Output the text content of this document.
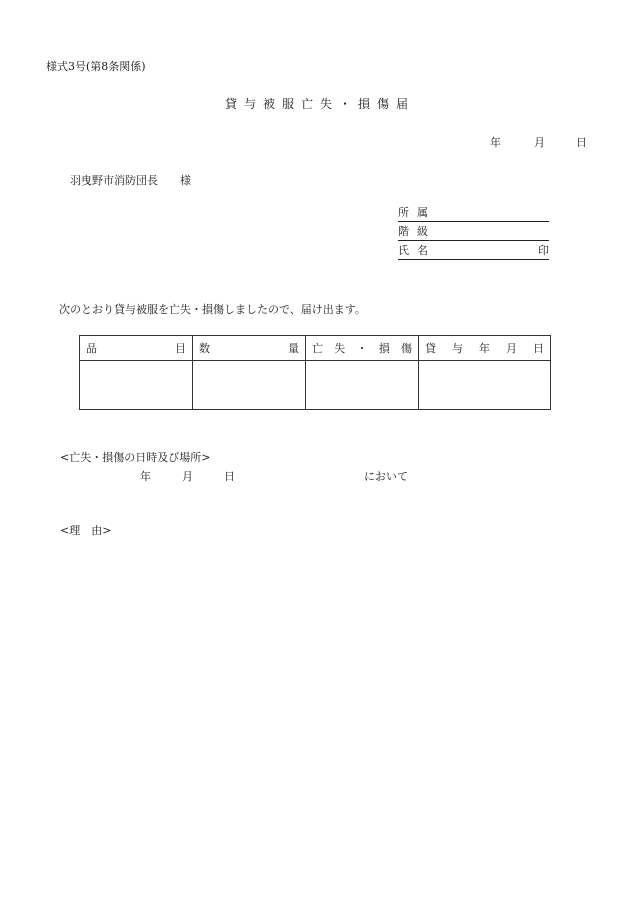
様式3号(第8条関係)
貸与被服亡失・損傷届
年	月	日
羽曳野市消防団長 様
所属
階級
氏名	印
次のとおり貸与被服を亡失・損傷しましたので、届け出ます。
品 目	数 量	亡 失 ・ 損 傷	貸 与 年 月 日

<亡失・損傷の日時及び場所>
年	月	日	において
<理　由>
